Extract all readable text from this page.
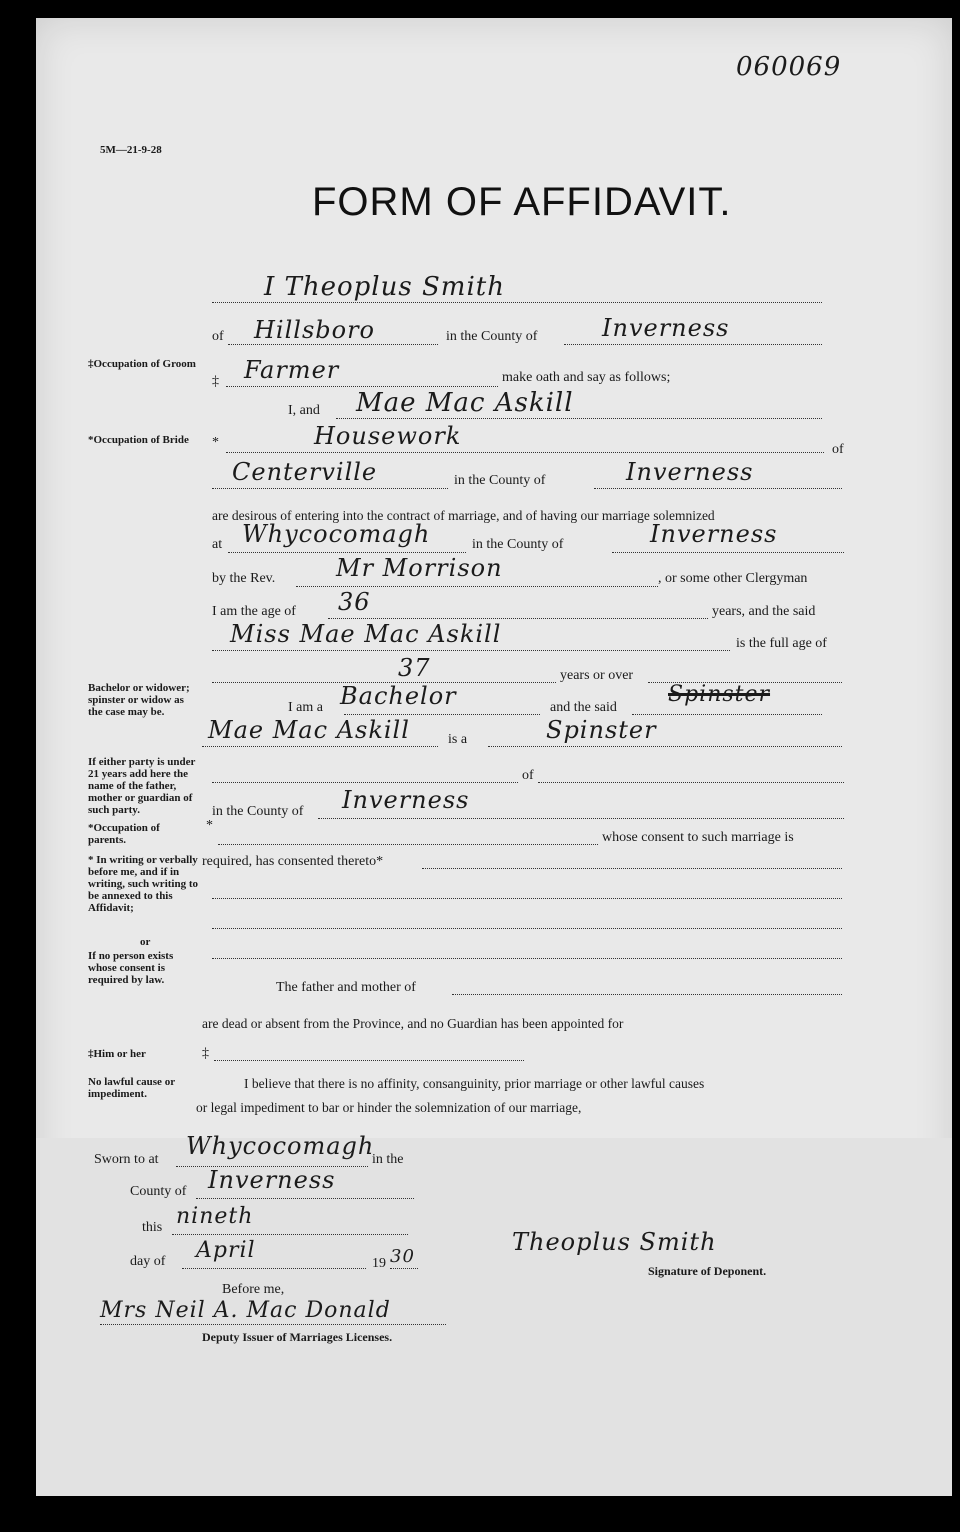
060069
5M—21-9-28
FORM OF AFFIDAVIT.
I Theoplus Smith
of Hillsboro	in the County of	Inverness
‡Occupation of Groom
‡ Farmer	make oath and say as follows;
I, and Mae Mac Askill
*Occupation of Bride	*	Housework	of
Centerville	in the County of	Inverness
are desirous of entering into the contract of marriage, and of having our marriage solemnized
at Whycocomagh	in the County of	Inverness
by the Rev.	Mr Morrison	, or some other Clergyman
I am the age of 36	years, and the said
Miss Mae Mac Askill	is the full age of
37	years or over
Bachelor or widower; spinster or widow as the case may be.	I am a Bachelor	and the said
Spinster
Mae Mac Askill	is a	Spinster
If either party is under 21 years add here the name of the father, mother or guardian of such party.
of
in the County of Inverness
*Occupation of parents.
*
whose consent to such marriage is
* In writing or verbally before me, and if in writing, such writing to be annexed to this Affidavit;
or
If no person exists whose consent is required by law.
required, has consented thereto*
The father and mother of
are dead or absent from the Province, and no Guardian has been appointed for
‡Him or her	‡
No lawful cause or impediment.
I believe that there is no affinity, consanguinity, prior marriage or other lawful causes
or legal impediment to bar or hinder the solemnization of our marriage,
Sworn to at Whycocomagh
in the
County of Inverness
this nineth
day of April
19 30
Theoplus Smith
Signature of Deponent.
Before me,
Mrs Neil A. Mac Donald
Deputy Issuer of Marriages Licenses.
